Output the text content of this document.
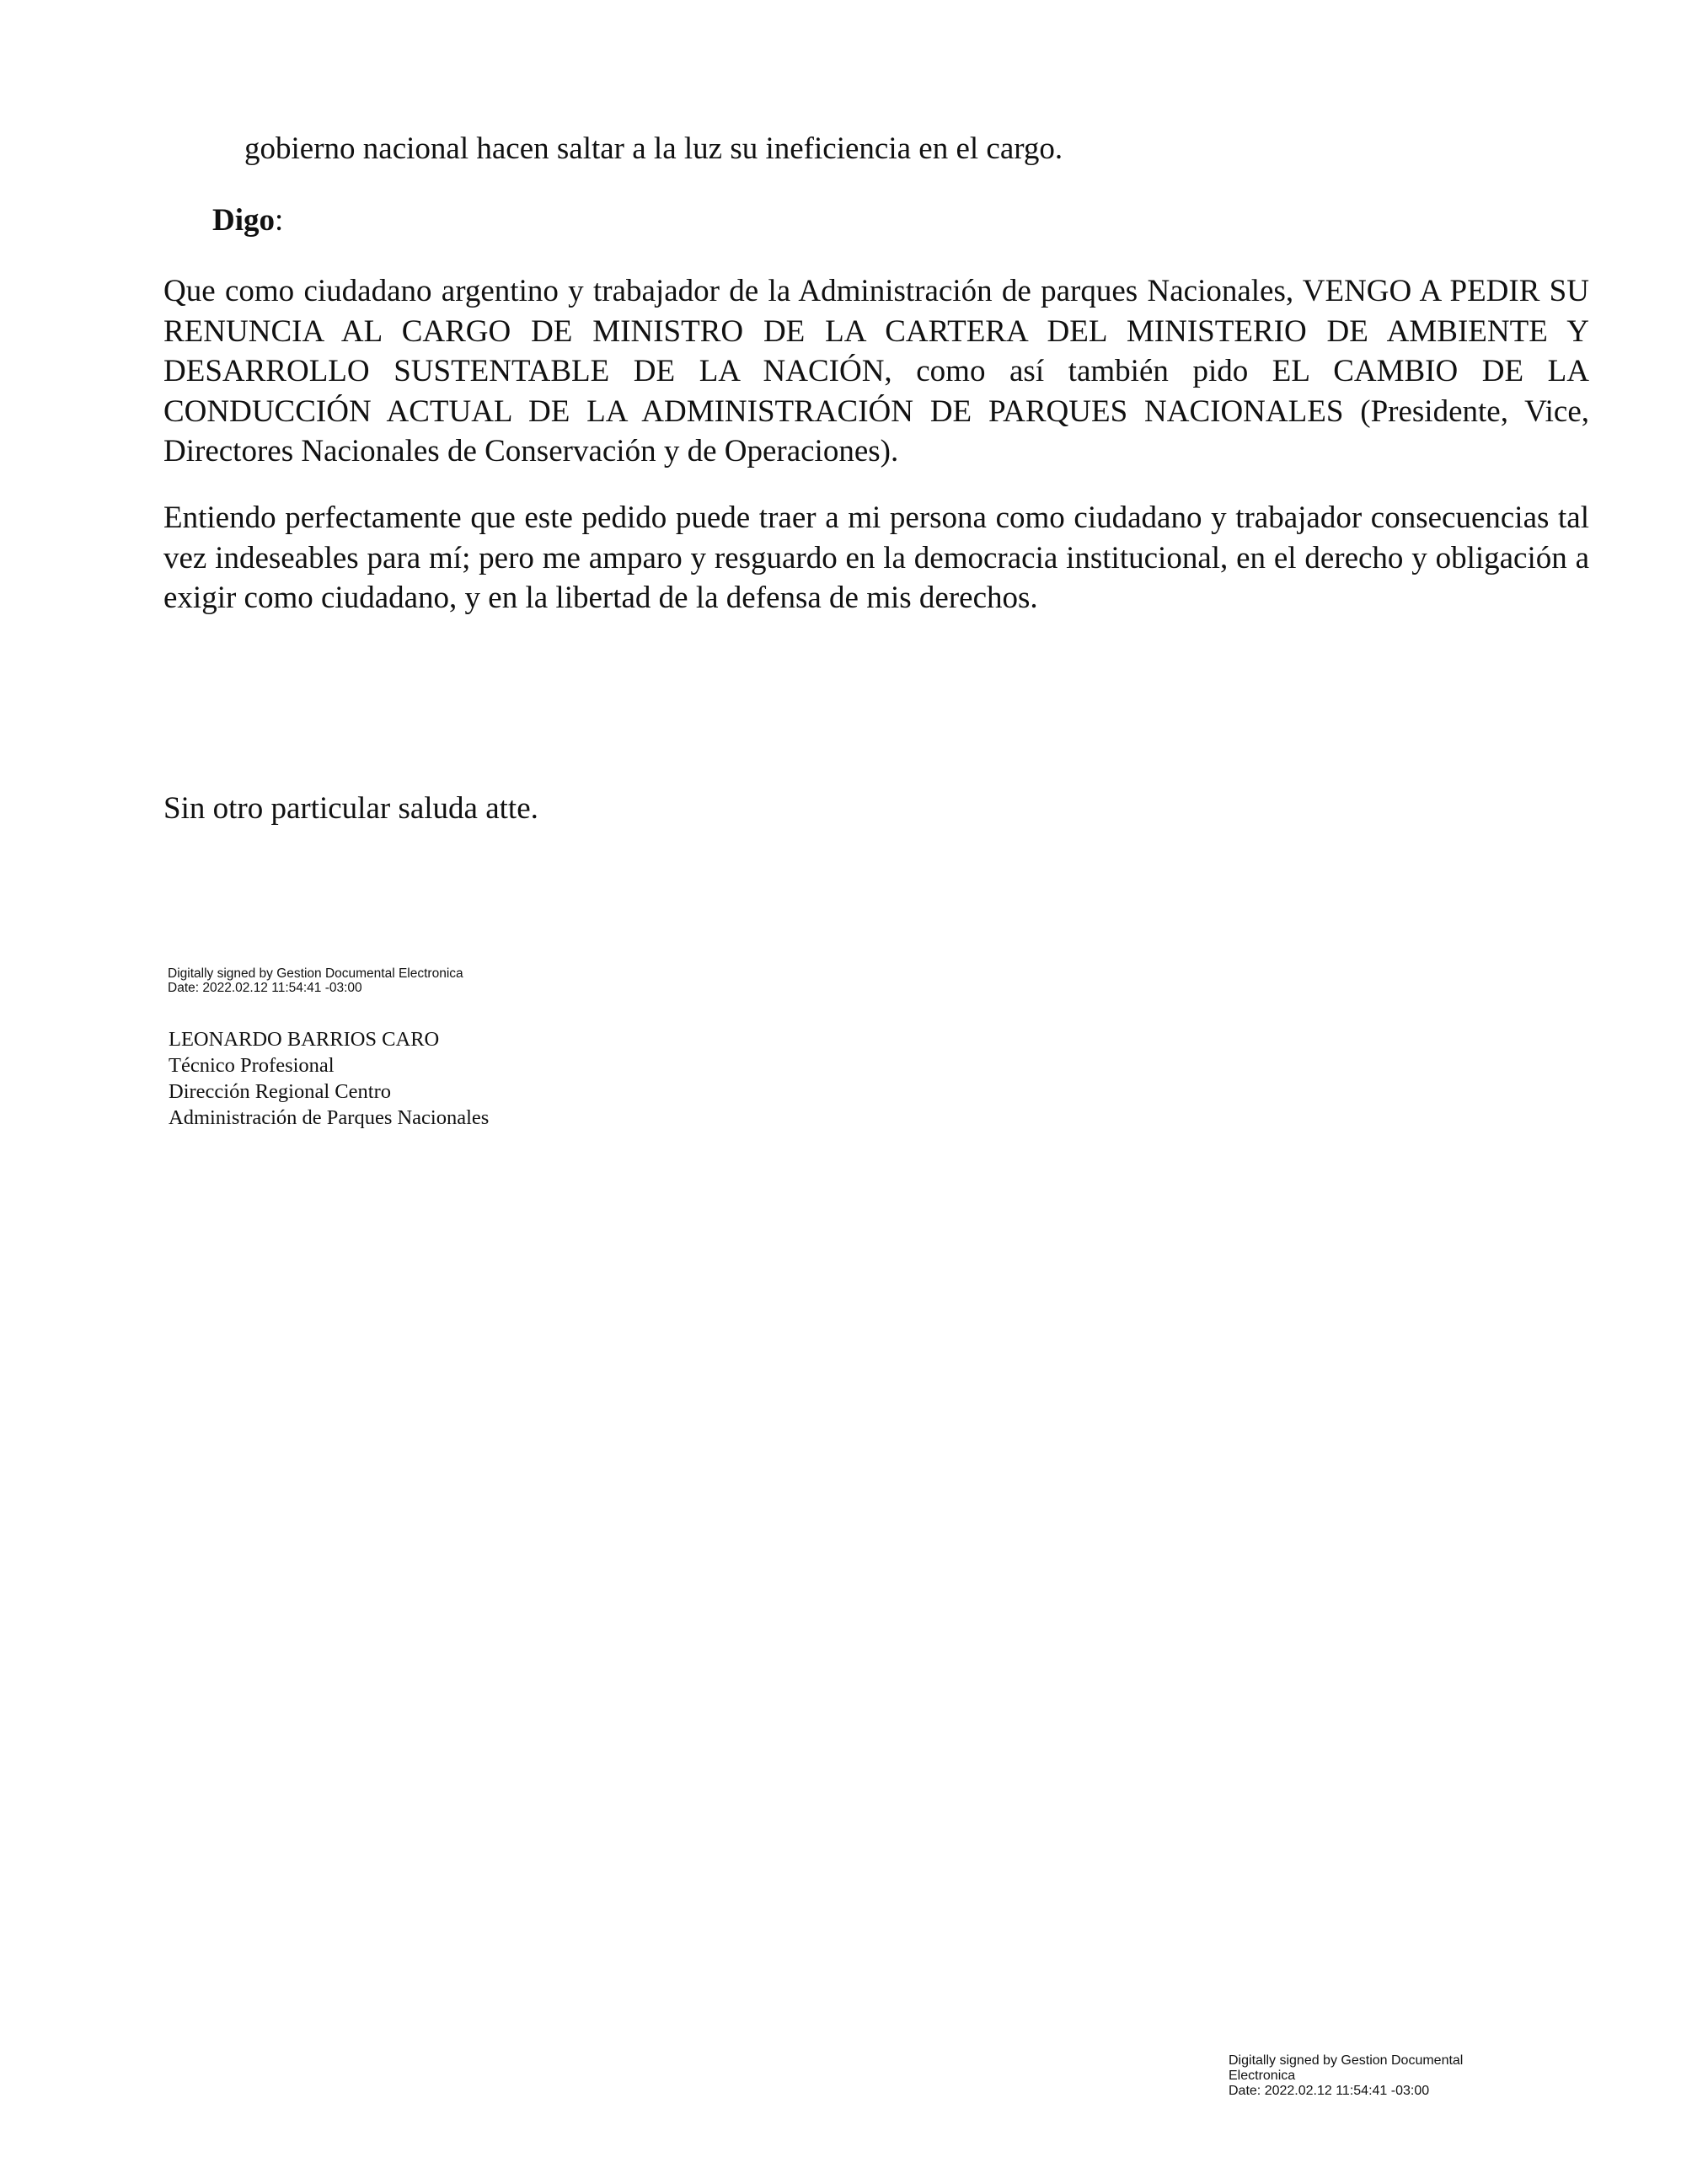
gobierno nacional hacen saltar a la luz su ineficiencia en el cargo.
Digo:
Que como ciudadano argentino y trabajador de la Administración de parques Nacionales, VENGO A PEDIR SU RENUNCIA AL CARGO DE MINISTRO DE LA CARTERA DEL MINISTERIO DE AMBIENTE Y DESARROLLO SUSTENTABLE DE LA NACIÓN, como así también pido EL CAMBIO DE LA CONDUCCIÓN ACTUAL DE LA ADMINISTRACIÓN DE PARQUES NACIONALES (Presidente, Vice, Directores Nacionales de Conservación y de Operaciones).
Entiendo perfectamente que este pedido puede traer a mi persona como ciudadano y trabajador consecuencias tal vez indeseables para mí; pero me amparo y resguardo en la democracia institucional, en el derecho y obligación a exigir como ciudadano, y en la libertad de la defensa de mis derechos.
Sin otro particular saluda atte.
Digitally signed by Gestion Documental Electronica
Date: 2022.02.12 11:54:41 -03:00
LEONARDO BARRIOS CARO
Técnico Profesional
Dirección Regional Centro
Administración de Parques Nacionales
Digitally signed by Gestion Documental
Electronica
Date: 2022.02.12 11:54:41 -03:00
